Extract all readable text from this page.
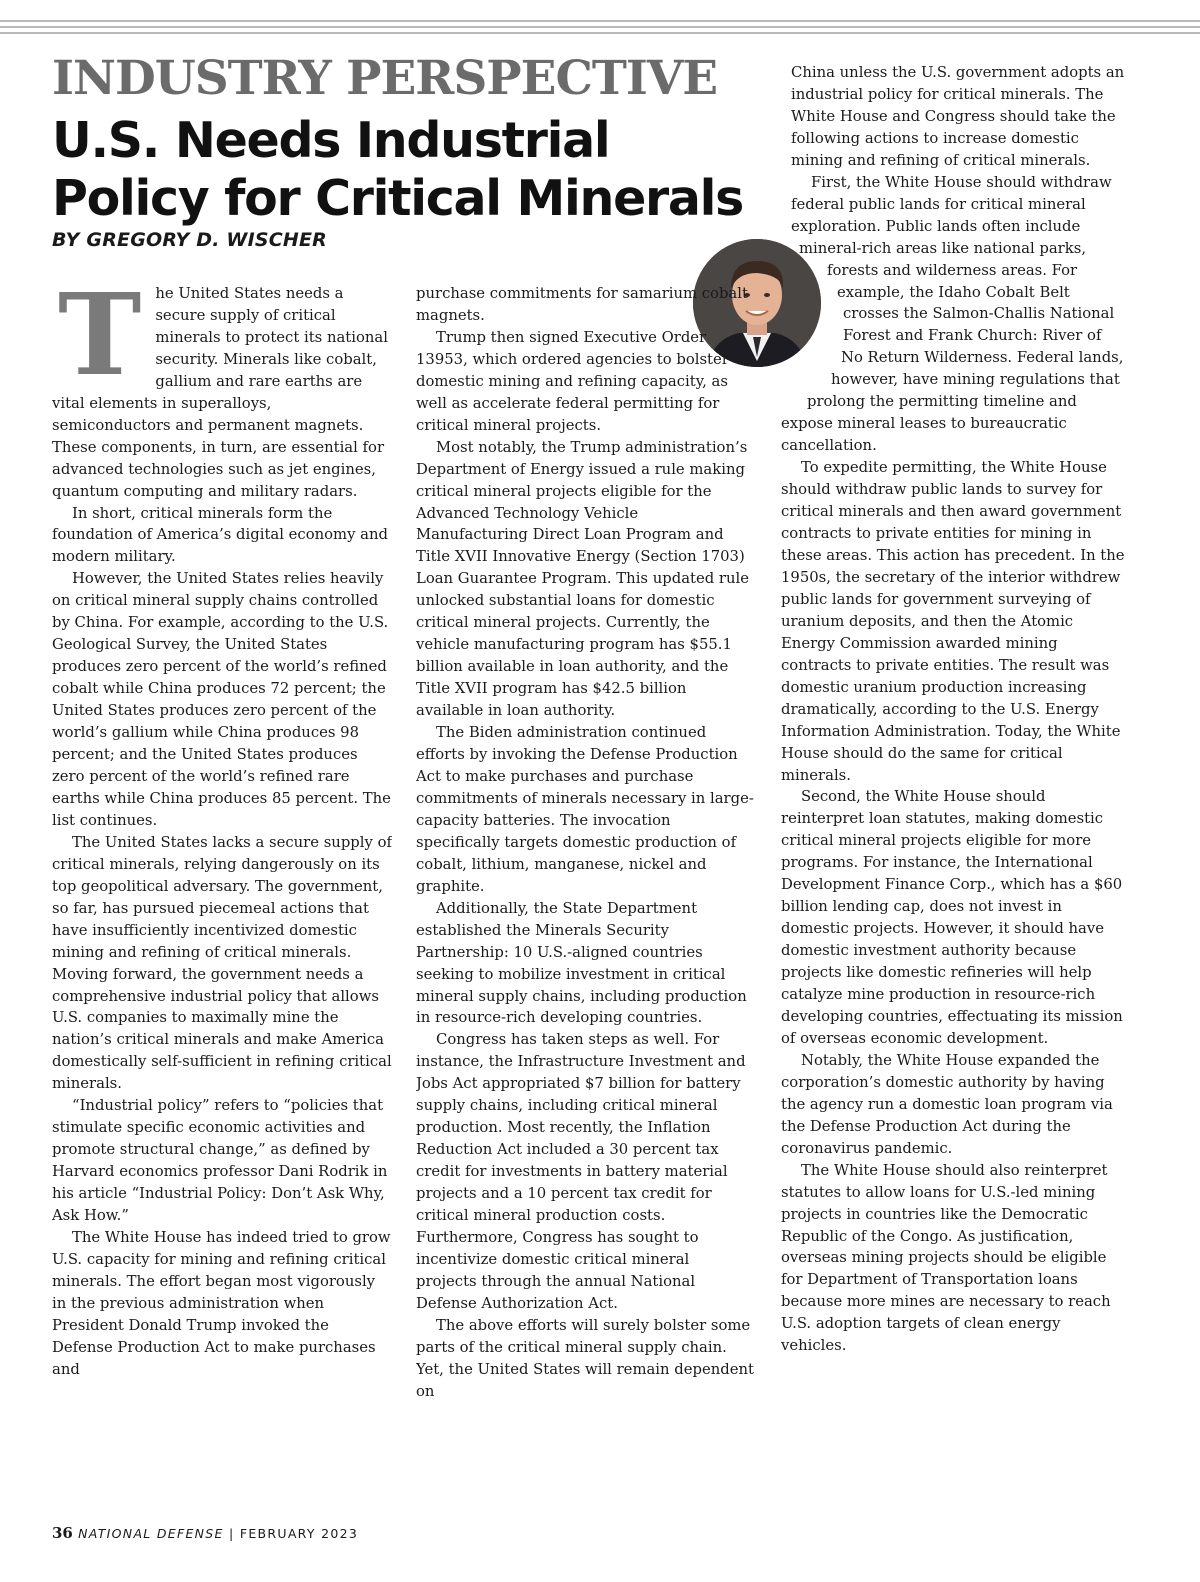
INDUSTRY PERSPECTIVE
U.S. Needs Industrial
Policy for Critical Minerals

BY GREGORY D. WISCHER

T he United States needs a secure supply of critical minerals to protect its national security. Minerals like cobalt, gallium and rare earths are vital elements in superalloys, semiconductors and permanent magnets. These components, in turn, are essential for advanced technologies such as jet engines, quantum computing and military radars.

In short, critical minerals form the foundation of America’s digital economy and modern military.

However, the United States relies heavily on critical mineral supply chains controlled by China. For example, according to the U.S. Geological Survey, the United States produces zero percent of the world’s refined cobalt while China produces 72 percent; the United States produces zero percent of the world’s gallium while China produces 98 percent; and the United States produces zero percent of the world’s refined rare earths while China produces 85 percent. The list continues.

The United States lacks a secure supply of critical minerals, relying dangerously on its top geopolitical adversary. The government, so far, has pursued piecemeal actions that have insufficiently incentivized domestic mining and refining of critical minerals. Moving forward, the government needs a comprehensive industrial policy that allows U.S. companies to maximally mine the nation’s critical minerals and make America domestically self-sufficient in refining critical minerals.

“Industrial policy” refers to “policies that stimulate specific economic activities and promote structural change,” as defined by Harvard economics professor Dani Rodrik in his article “Industrial Policy: Don’t Ask Why, Ask How.”

The White House has indeed tried to grow U.S. capacity for mining and refining critical minerals. The effort began most vigorously in the previous administration when President Donald Trump invoked the Defense Production Act to make purchases and

purchase commitments for samarium cobalt magnets.

Trump then signed Executive Order 13953, which ordered agencies to bolster domestic mining and refining capacity, as well as accelerate federal permitting for critical mineral projects.

Most notably, the Trump administration’s Department of Energy issued a rule making critical mineral projects eligible for the Advanced Technology Vehicle Manufacturing Direct Loan Program and Title XVII Innovative Energy (Section 1703) Loan Guarantee Program. This updated rule unlocked substantial loans for domestic critical mineral projects. Currently, the vehicle manufacturing program has $55.1 billion available in loan authority, and the Title XVII program has $42.5 billion available in loan authority.

The Biden administration continued efforts by invoking the Defense Production Act to make purchases and purchase commitments of minerals necessary in large-capacity batteries. The invocation specifically targets domestic production of cobalt, lithium, manganese, nickel and graphite.

Additionally, the State Department established the Minerals Security Partnership: 10 U.S.-aligned countries seeking to mobilize investment in critical mineral supply chains, including production in resource-rich developing countries.

Congress has taken steps as well. For instance, the Infrastructure Investment and Jobs Act appropriated $7 billion for battery supply chains, including critical mineral production. Most recently, the Inflation Reduction Act included a 30 percent tax credit for investments in battery material projects and a 10 percent tax credit for critical mineral production costs. Furthermore, Congress has sought to incentivize domestic critical mineral projects through the annual National Defense Authorization Act.

The above efforts will surely bolster some parts of the critical mineral supply chain. Yet, the United States will remain dependent on

China unless the U.S. government adopts an industrial policy for critical minerals. The White House and Congress should take the following actions to increase domestic mining and refining of critical minerals.

First, the White House should withdraw federal public lands for critical mineral exploration. Public lands often include mineral-rich areas like national parks, forests and wilderness areas. For example, the Idaho Cobalt Belt crosses the Salmon-Challis National Forest and Frank Church: River of No Return Wilderness. Federal lands, however, have mining regulations that prolong the permitting timeline and expose mineral leases to bureaucratic cancellation.

To expedite permitting, the White House should withdraw public lands to survey for critical minerals and then award government contracts to private entities for mining in these areas. This action has precedent. In the 1950s, the secretary of the interior withdrew public lands for government surveying of uranium deposits, and then the Atomic Energy Commission awarded mining contracts to private entities. The result was domestic uranium production increasing dramatically, according to the U.S. Energy Information Administration. Today, the White House should do the same for critical minerals.

Second, the White House should reinterpret loan statutes, making domestic critical mineral projects eligible for more programs. For instance, the International Development Finance Corp., which has a $60 billion lending cap, does not invest in domestic projects. However, it should have domestic investment authority because projects like domestic refineries will help catalyze mine production in resource-rich developing countries, effectuating its mission of overseas economic development.

Notably, the White House expanded the corporation’s domestic authority by having the agency run a domestic loan program via the Defense Production Act during the coronavirus pandemic.

The White House should also reinterpret statutes to allow loans for U.S.-led mining projects in countries like the Democratic Republic of the Congo. As justification, overseas mining projects should be eligible for Department of Transportation loans because more mines are necessary to reach U.S. adoption targets of clean energy vehicles.

36 NATIONAL DEFENSE | FEBRUARY 2023
